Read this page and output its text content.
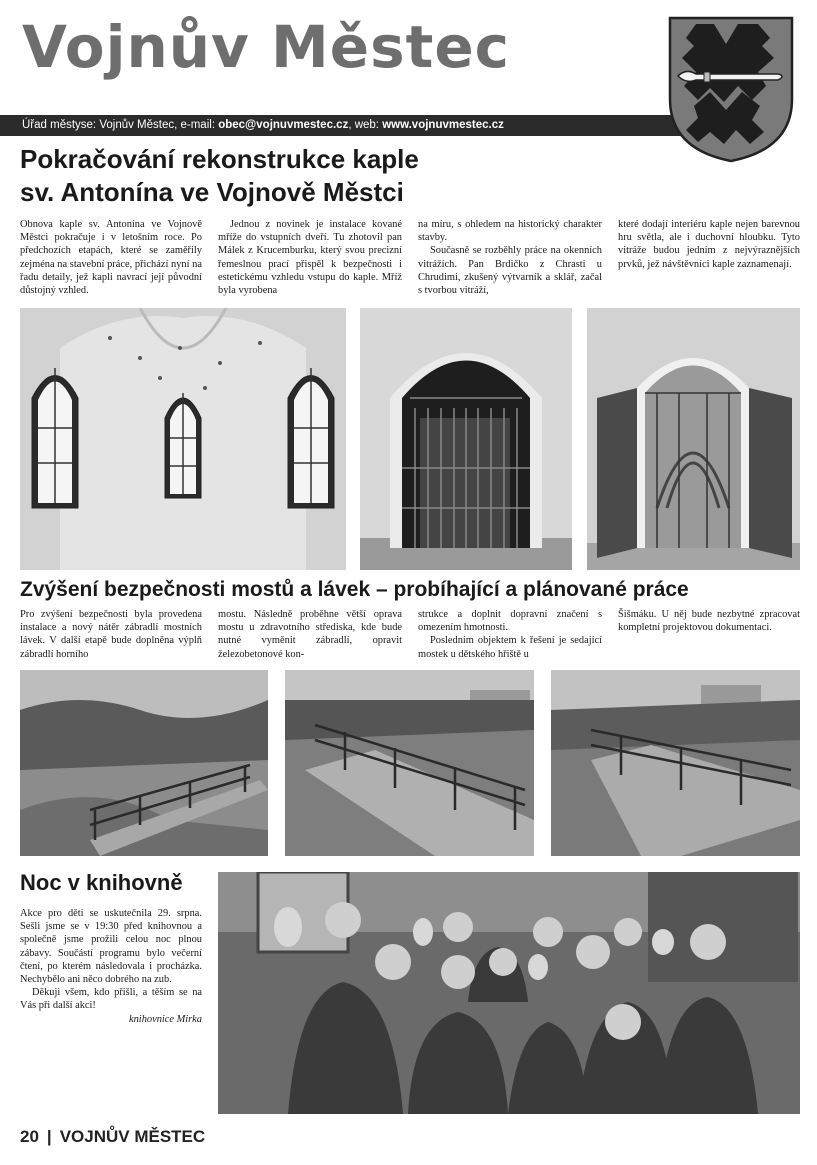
Vojnův Městec
Úřad městyse: Vojnův Městec, e-mail: obec@vojnuvmestec.cz, web: www.vojnuvmestec.cz
Pokračování rekonstrukce kaple
sv. Antonína ve Vojnově Městci

Obnova kaple sv. Antonína ve Vojnově Městci pokračuje i v letošním roce. Po předchozích etapách, které se zaměřily zejména na stavební práce, přichází nyní na řadu detaily, jež kapli navrací její původní důstojný vzhled.

Jednou z novinek je instalace kované mříže do vstupních dveří. Tu zhotovil pan Málek z Krucemburku, který svou precizní řemeslnou prací přispěl k bezpečnosti i estetickému vzhledu vstupu do kaple. Mříž byla vyrobena

na míru, s ohledem na historický charakter stavby.

Současně se rozběhly práce na okenních vitrážích. Pan Brdičko z Chrasti u Chrudimi, zkušený výtvarník a sklář, začal s tvorbou vitráží,

které dodají interiéru kaple nejen barevnou hru světla, ale i duchovní hloubku. Tyto vitráže budou jedním z nejvýraznějších prvků, jež návštěvníci kaple zaznamenají.

Zvýšení bezpečnosti mostů a lávek – probíhající a plánované práce

Pro zvýšení bezpečnosti byla provedena instalace a nový nátěr zábradlí mostních lávek. V další etapě bude doplněna výplň zábradlí horního

mostu. Následně proběhne větší oprava mostu u zdravotního střediska, kde bude nutné vyměnit zábradlí, opravit železobetonové kon-

strukce a doplnit dopravní značení s omezením hmotnosti.

Posledním objektem k řešení je sedající mostek u dětského hřiště u

Šišmáku. U něj bude nezbytné zpracovat kompletní projektovou dokumentaci.

Noc v knihovně

Akce pro děti se uskutečnila 29. srpna. Sešli jsme se v 19:30 před knihovnou a společně jsme prožili celou noc plnou zábavy. Součástí programu bylo večerní čtení, po kterém následovala i procházka. Nechybělo ani něco dobrého na zub.

Děkuji všem, kdo přišli, a těším se na Vás při další akci!

knihovnice Mirka

20 | VOJNŮV MĚSTEC
